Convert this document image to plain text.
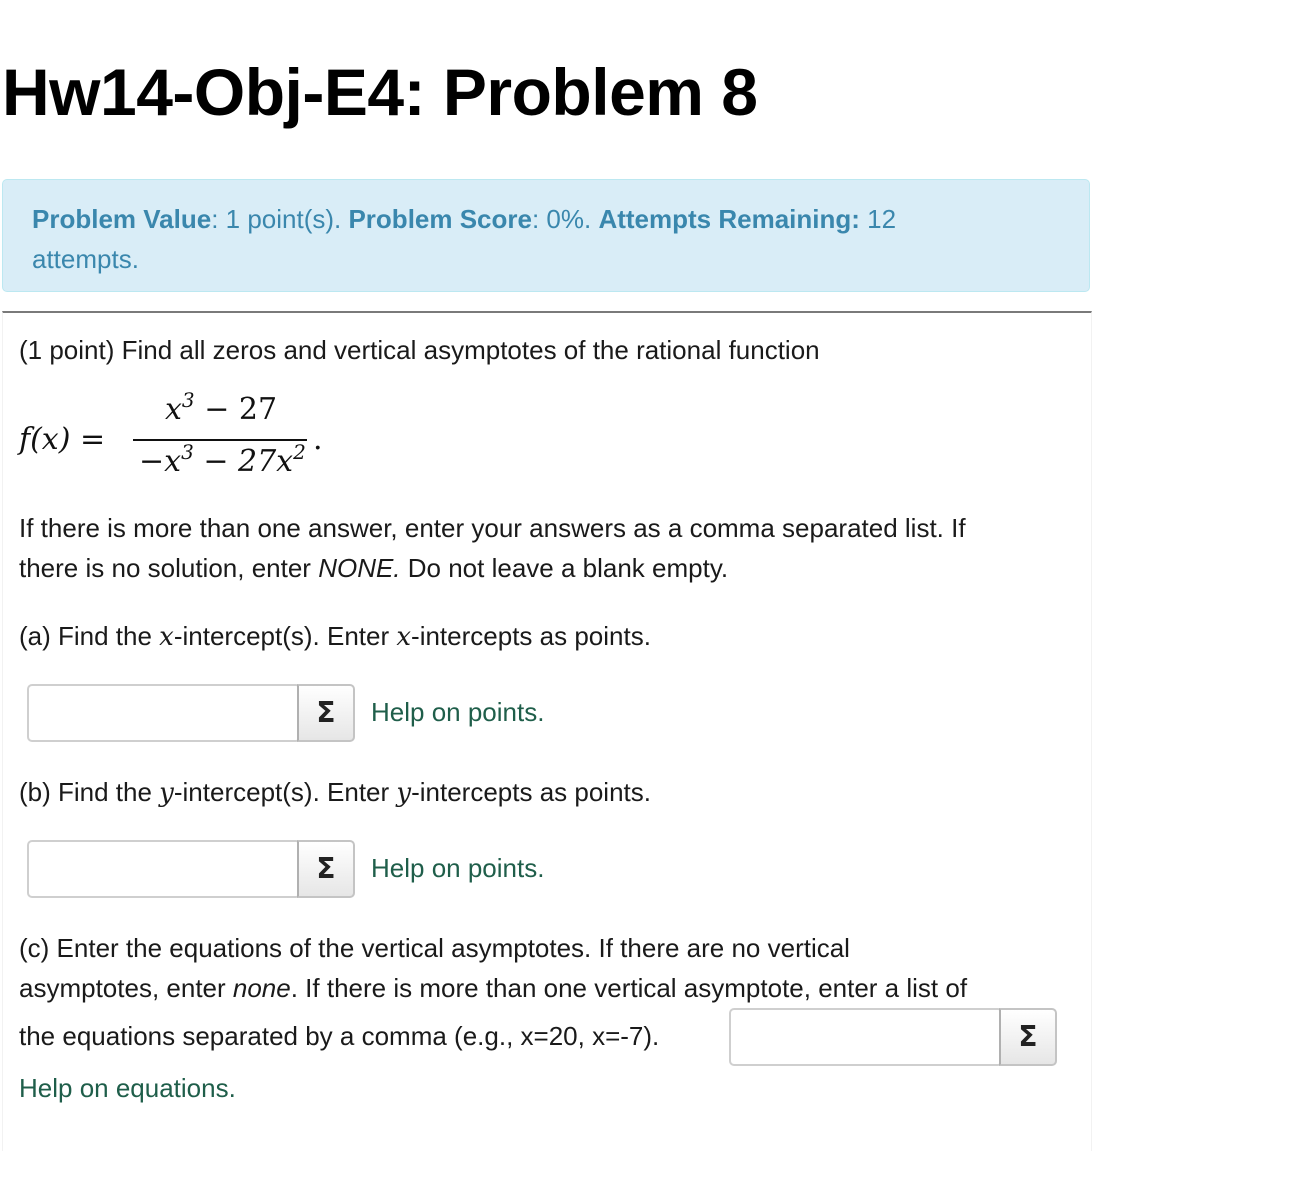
Hw14-Obj-E4: Problem 8
Problem Value: 1 point(s). Problem Score: 0%. Attempts Remaining: 12
attempts.
(1 point) Find all zeros and vertical asymptotes of the rational function
f(x) =
$x^3 - 27$
$-x^3 - 27x^2$ .
If there is more than one answer, enter your answers as a comma separated list. If
there is no solution, enter NONE. Do not leave a blank empty.
(a) Find the x-intercept(s). Enter x-intercepts as points.
Σ Help on points.
(b) Find the y-intercept(s). Enter y-intercepts as points.
Σ Help on points.
(c) Enter the equations of the vertical asymptotes. If there are no vertical
asymptotes, enter none. If there is more than one vertical asymptote, enter a list of
the equations separated by a comma (e.g., x=20, x=-7).	Σ
Help on equations.
